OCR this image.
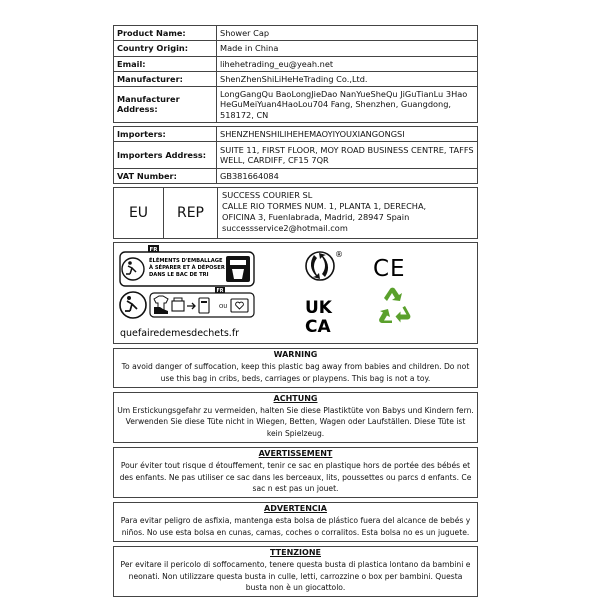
Product Name:	Shower Cap
Country Origin:	Made in China
Email:	lihehetrading_eu@yeah.net
Manufacturer:	ShenZhenShiLiHeHeTrading Co.,Ltd.
Manufacturer Address:	LongGangQu BaoLongJieDao NanYueSheQu JiGuTianLu 3Hao HeGuMeiYuan4HaoLou704 Fang, Shenzhen, Guangdong, 518172, CN
Importers:	SHENZHENSHILIHEHEMAOYIYOUXIANGONGSI
Importers Address:	SUITE 11, FIRST FLOOR, MOY ROAD BUSINESS CENTRE, TAFFS WELL, CARDIFF, CF15 7QR
VAT Number:	GB381664084
EU	REP
SUCCESS COURIER SL
CALLE RIO TORMES NUM. 1, PLANTA 1, DERECHA,
OFICINA 3, Fuenlabrada, Madrid, 28947 Spain
successservice2@hotmail.com
FR
ÉLÉMENTS D'EMBALLAGE
À SÉPARER ET À DÉPOSER
DANS LE BAC DE TRI
FR
OU
quefairedemesdechets.fr
®
CE
UK
CA
WARNING
To avoid danger of suffocation, keep this plastic bag away from babies and children. Do not use this bag in cribs, beds, carriages or playpens. This bag is not a toy.
ACHTUNG
Um Erstickungsgefahr zu vermeiden, halten Sie diese Plastiktüte von Babys und Kindern fern. Verwenden Sie diese Tüte nicht in Wiegen, Betten, Wagen oder Laufställen. Diese Tüte ist kein Spielzeug.
AVERTISSEMENT
Pour éviter tout risque d étouffement, tenir ce sac en plastique hors de portée des bébés et des enfants. Ne pas utiliser ce sac dans les berceaux, lits, poussettes ou parcs d enfants. Ce sac n est pas un jouet.
ADVERTENCIA
Para evitar peligro de asfixia, mantenga esta bolsa de plástico fuera del alcance de bebés y niños. No use esta bolsa en cunas, camas, coches o corralitos. Esta bolsa no es un juguete.
TTENZIONE
Per evitare il pericolo di soffocamento, tenere questa busta di plastica lontano da bambini e neonati. Non utilizzare questa busta in culle, letti, carrozzine o box per bambini. Questa busta non è un giocattolo.
